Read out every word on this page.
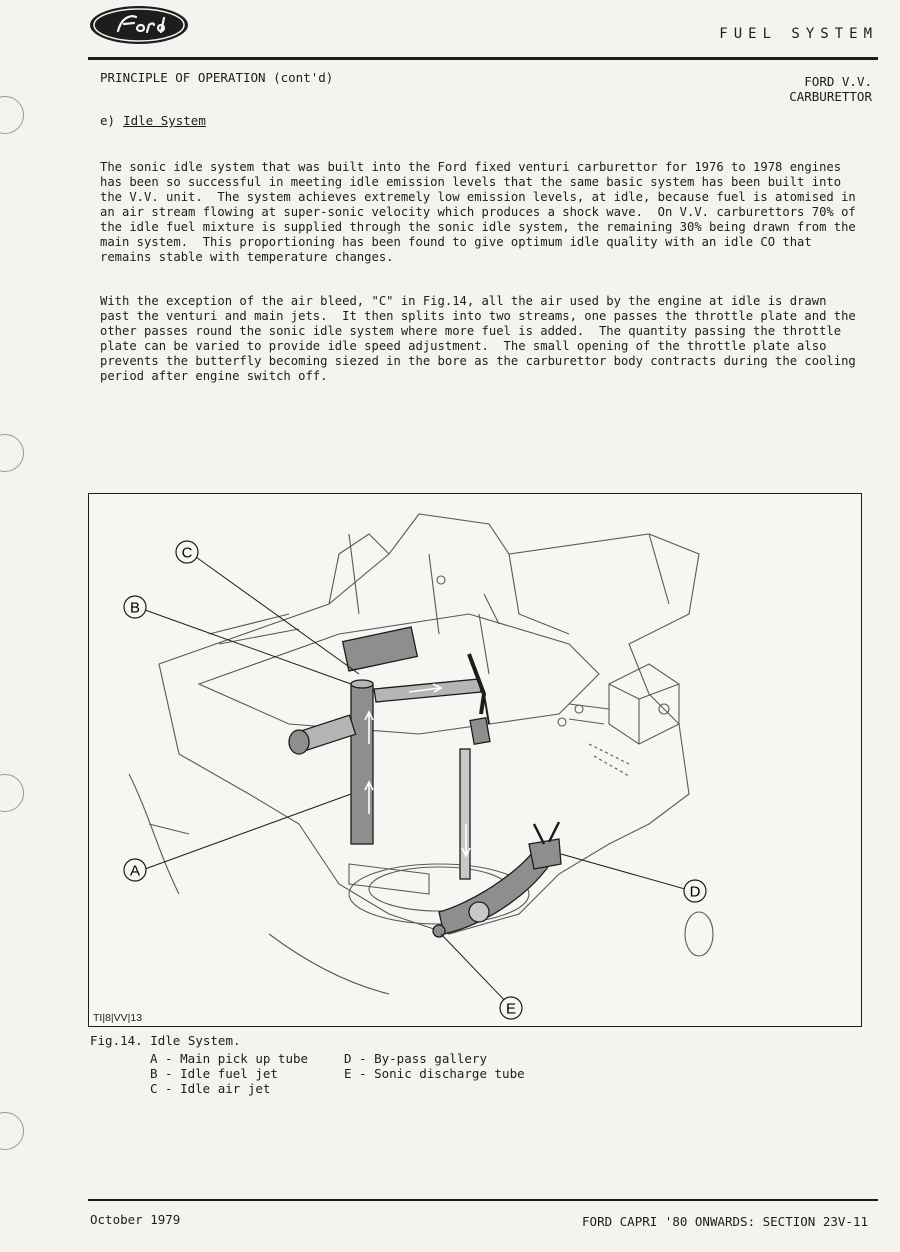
FUEL SYSTEM
PRINCIPLE OF OPERATION (cont'd)	FORD V.V.
CARBURETTOR
e) Idle System

The sonic idle system that was built into the Ford fixed venturi carburettor for 1976 to 1978 engines
has been so successful in meeting idle emission levels that the same basic system has been built into
the V.V. unit.  The system achieves extremely low emission levels, at idle, because fuel is atomised in
an air stream flowing at super-sonic velocity which produces a shock wave.  On V.V. carburettors 70% of
the idle fuel mixture is supplied through the sonic idle system, the remaining 30% being drawn from the
main system.  This proportioning has been found to give optimum idle quality with an idle CO that
remains stable with temperature changes.

With the exception of the air bleed, "C" in Fig.14, all the air used by the engine at idle is drawn
past the venturi and main jets.  It then splits into two streams, one passes the throttle plate and the
other passes round the sonic idle system where more fuel is added.  The quantity passing the throttle
plate can be varied to provide idle speed adjustment.  The small opening of the throttle plate also
prevents the butterfly becoming siezed in the bore as the carburettor body contracts during the cooling
period after engine switch off.

C
B
A
D
E
TI|8|VV|13
Fig.14. Idle System.
A - Main pick up tube
B - Idle fuel jet
C - Idle air jet
D - By-pass gallery
E - Sonic discharge tube
October 1979	FORD CAPRI '80 ONWARDS: SECTION 23V-11
